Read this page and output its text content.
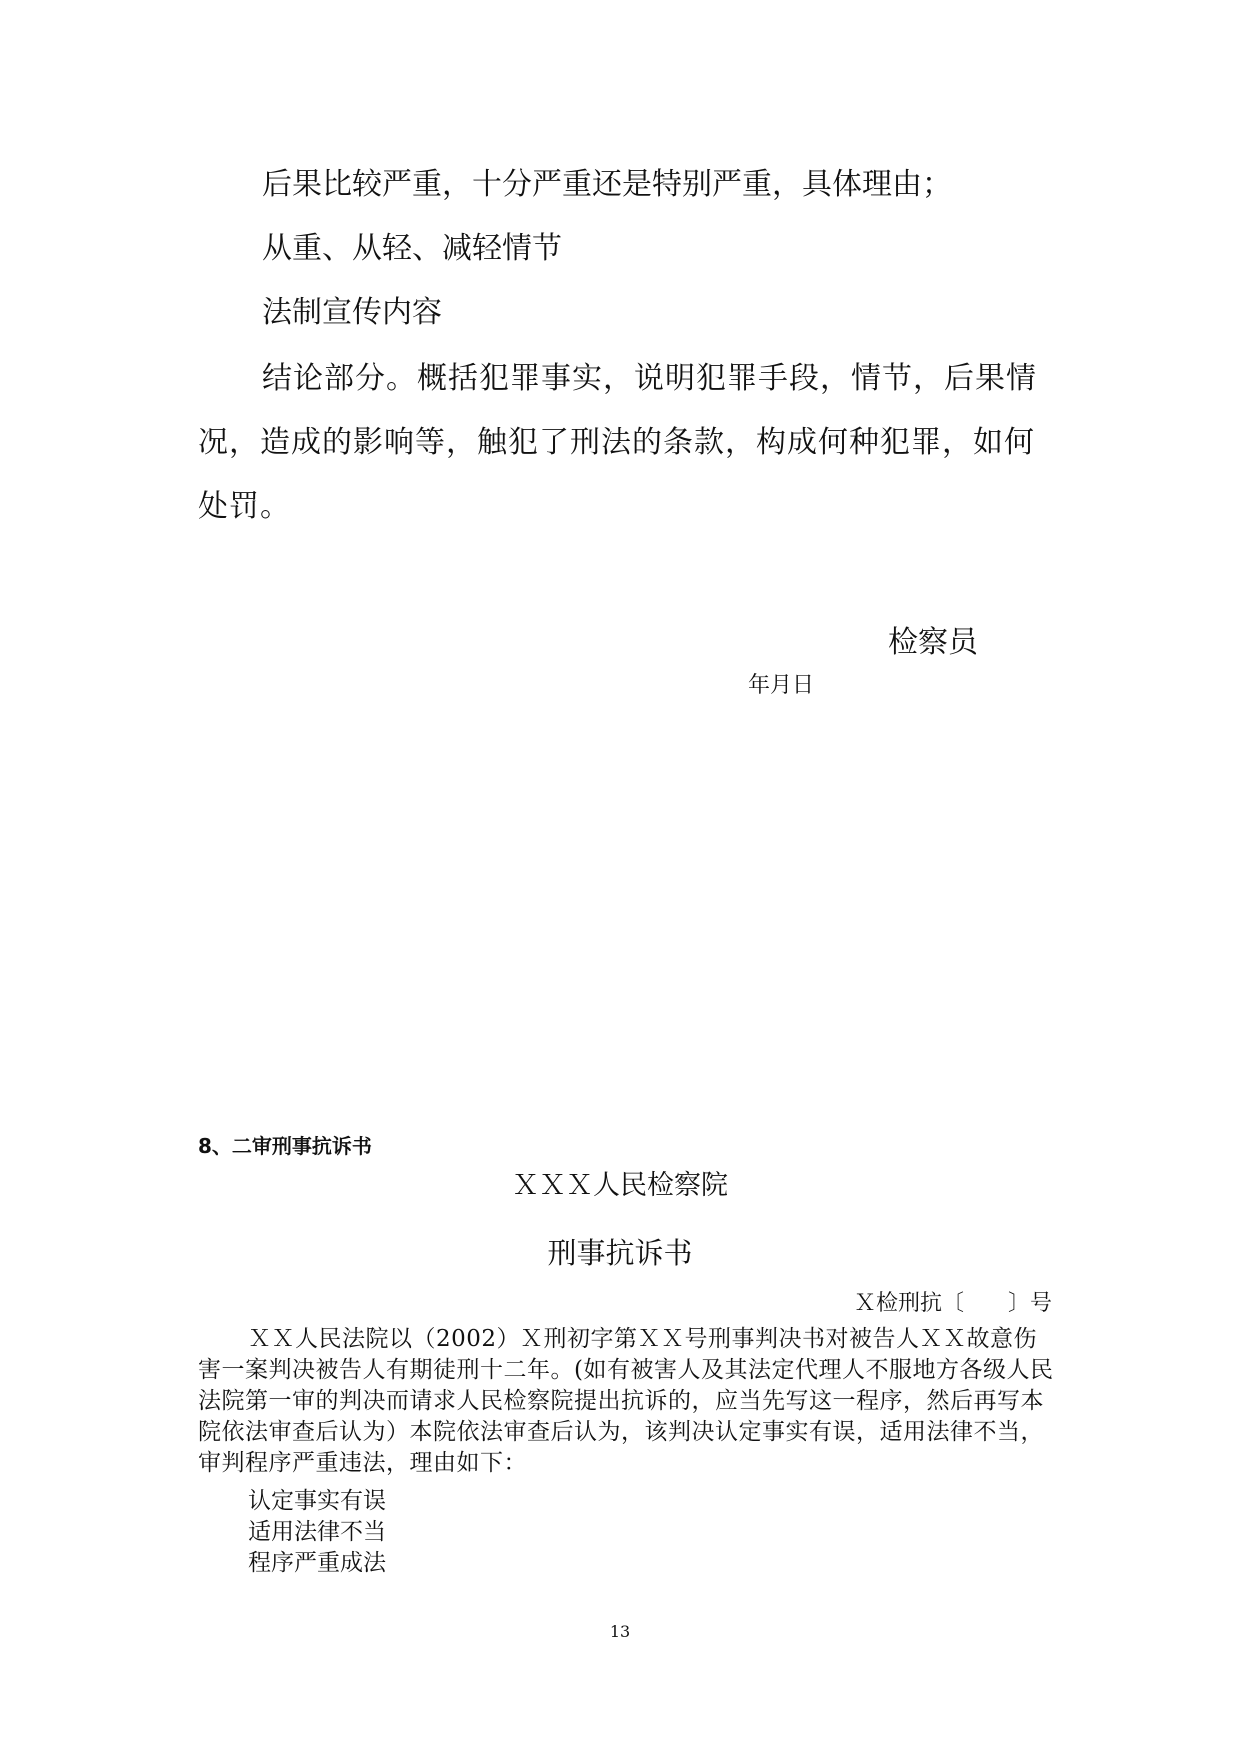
后果比较严重，十分严重还是特别严重，具体理由；
从重、从轻、减轻情节
法制宣传内容
结论部分。概括犯罪事实，说明犯罪手段，情节，后果情况，造成的影响等，触犯了刑法的条款，构成何种犯罪，如何处罚。
检察员
年月日
8、二审刑事抗诉书
ＸＸＸ人民检察院
刑事抗诉书
Ｘ检刑抗〔　　〕号
ＸＸ人民法院以（2002）Ｘ刑初字第ＸＸ号刑事判决书对被告人ＸＸ故意伤害一案判决被告人有期徒刑十二年。(如有被害人及其法定代理人不服地方各级人民法院第一审的判决而请求人民检察院提出抗诉的，应当先写这一程序，然后再写本院依法审查后认为）本院依法审查后认为，该判决认定事实有误，适用法律不当，审判程序严重违法，理由如下：
认定事实有误
适用法律不当
程序严重成法
13
